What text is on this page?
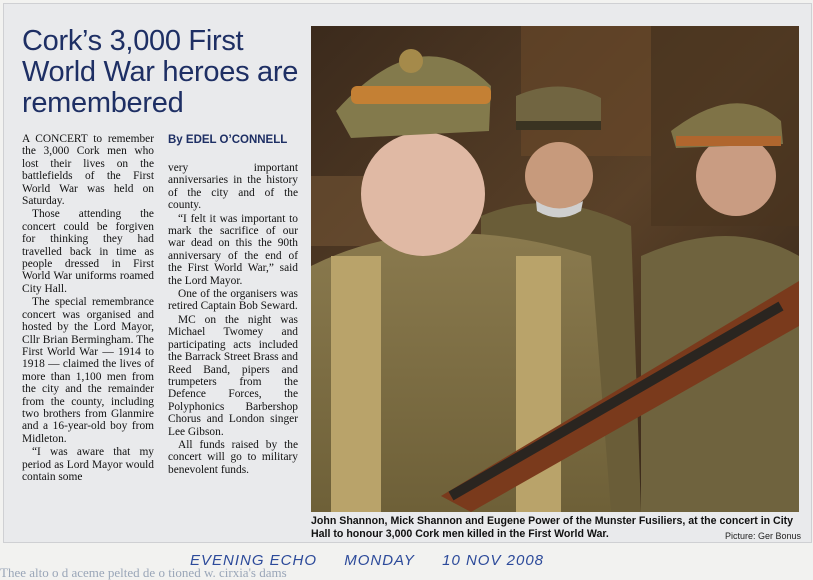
Cork’s 3,000 First World War heroes are remembered
By EDEL O’CONNELL

A CONCERT to remember the 3,000 Cork men who lost their lives on the battlefields of the First World War was held on Saturday.

Those attending the concert could be forgiven for thinking they had travelled back in time as people dressed in First World War uniforms roamed City Hall.

The special remembrance concert was organised and hosted by the Lord Mayor, Cllr Brian Bermingham. The First World War — 1914 to 1918 — claimed the lives of more than 1,100 men from the city and the remainder from the county, including two brothers from Glanmire and a 16-year-old boy from Midleton.

“I was aware that my period as Lord Mayor would contain some

very important anniversaries in the history of the city and of the county.

“I felt it was important to mark the sacrifice of our war dead on this the 90th anniversary of the end of the First World War,” said the Lord Mayor.

One of the organisers was retired Captain Bob Seward.

MC on the night was Michael Twomey and participating acts included the Barrack Street Brass and Reed Band, pipers and trumpeters from the Defence Forces, the Polyphonics Barbershop Chorus and London singer Lee Gibson.

All funds raised by the concert will go to military benevolent funds.

John Shannon, Mick Shannon and Eugene Power of the Munster Fusiliers, at the concert in City Hall to honour 3,000 Cork men killed in the First World War.	Picture: Ger Bonus
EVENING ECHO MONDAY 10 NOV 2008
Thee alto o d aceme pelted de o tioned w. cirxia's dams
